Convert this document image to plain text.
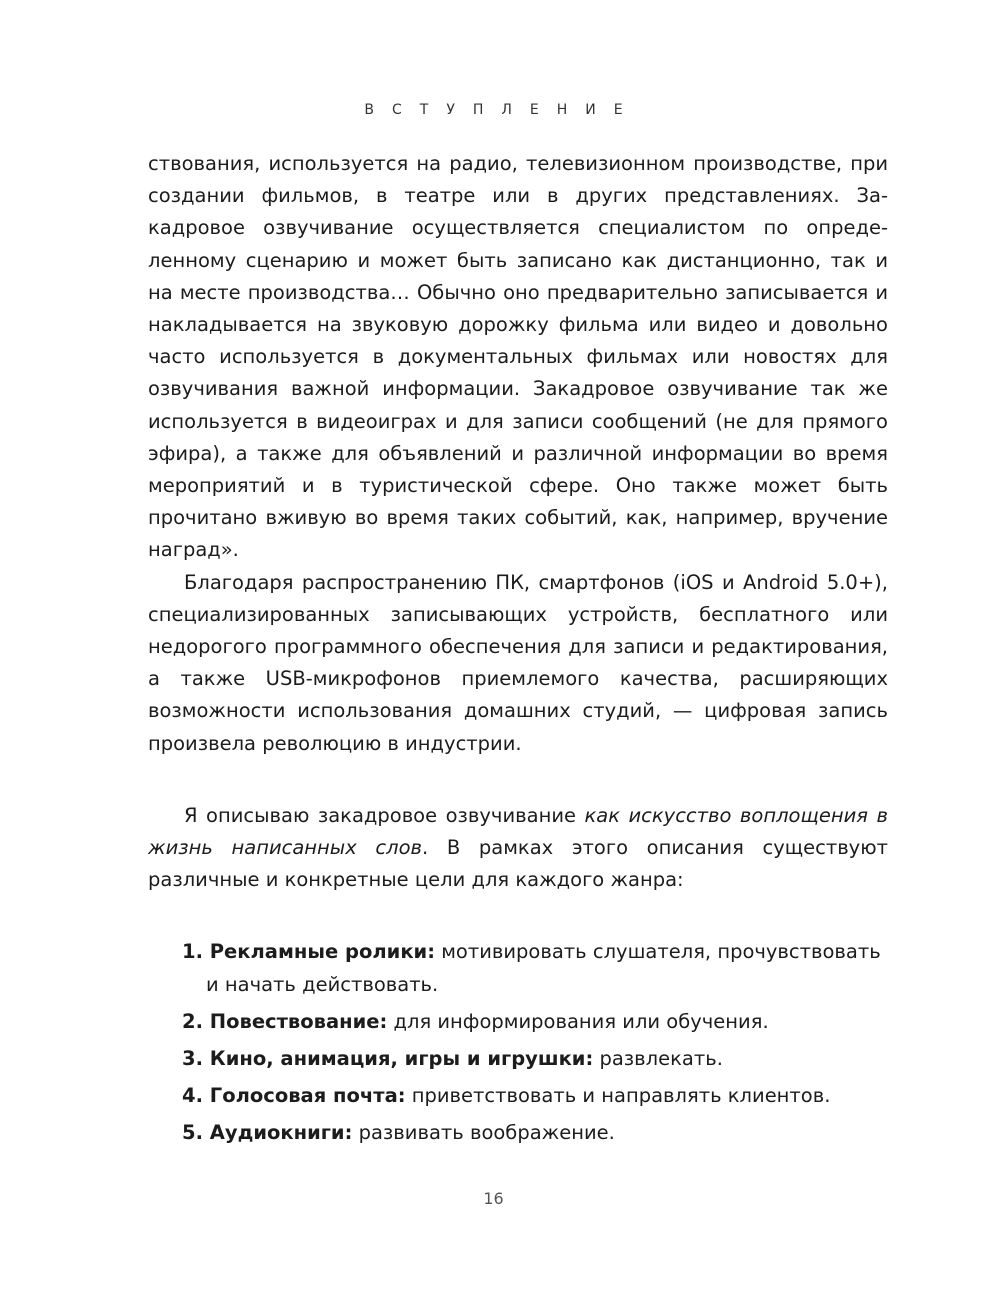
ВСТУПЛЕНИЕ

ствования, используется на радио, телевизионном производстве, при создании фильмов, в театре или в других представлениях. Закадровое озвучивание осуществляется специалистом по определенному сценарию и может быть записано как дистанционно, так и на месте производства… Обычно оно предварительно записывается и накладывается на звуковую дорожку фильма или видео и довольно часто используется в документальных фильмах или новостях для озвучивания важной информации. Закадровое озвучивание так же используется в видеоиграх и для записи сообщений (не для прямого эфира), а также для объявлений и различной информации во время мероприятий и в туристической сфере. Оно также может быть прочитано вживую во время таких событий, как, например, вручение наград».

Благодаря распространению ПК, смартфонов (iOS и Android 5.0+), специализированных записывающих устройств, бесплатного или недорогого программного обеспечения для записи и редактирования, а также USB-микрофонов приемлемого качества, расширяющих возможности использования домашних студий, — цифровая запись произвела революцию в индустрии.

Я описываю закадровое озвучивание как искусство воплощения в жизнь написанных слов. В рамках этого описания существуют различные и конкретные цели для каждого жанра:

1. Рекламные ролики: мотивировать слушателя, прочувствовать и начать действовать.
2. Повествование: для информирования или обучения.
3. Кино, анимация, игры и игрушки: развлекать.
4. Голосовая почта: приветствовать и направлять клиентов.
5. Аудиокниги: развивать воображение.
16
